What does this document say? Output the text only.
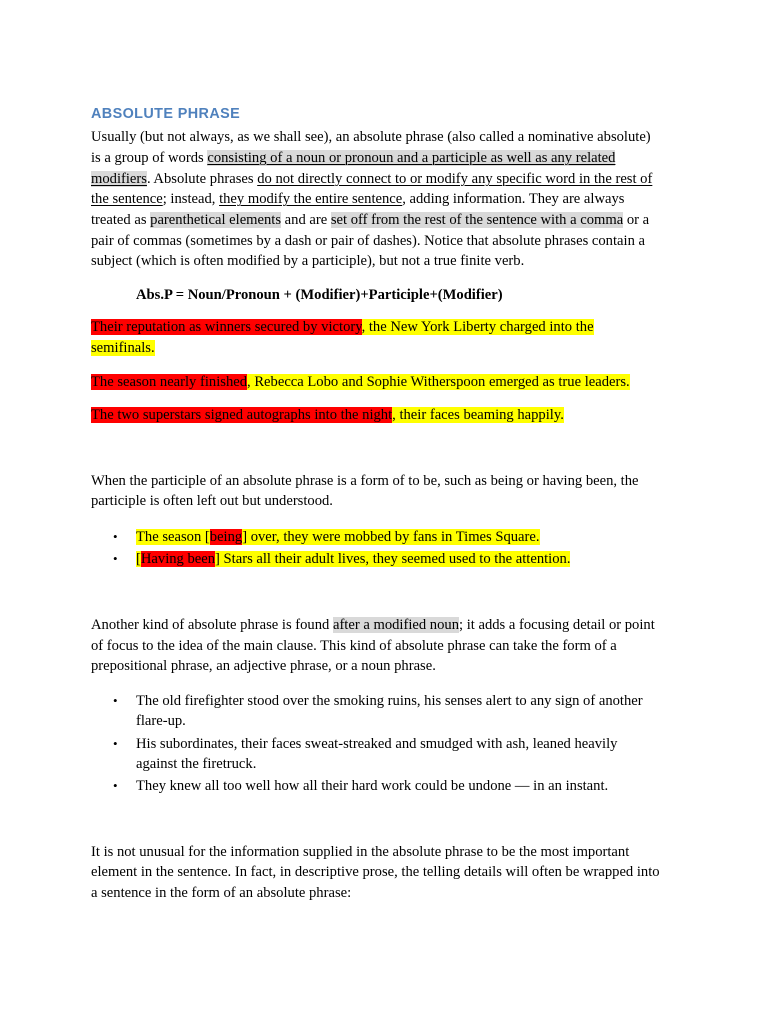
ABSOLUTE PHRASE
Usually (but not always, as we shall see), an absolute phrase (also called a nominative absolute)
is a group of words consisting of a noun or pronoun and a participle as well as any related
modifiers. Absolute phrases do not directly connect to or modify any specific word in the rest of
the sentence; instead, they modify the entire sentence, adding information. They are always
treated as parenthetical elements and are set off from the rest of the sentence with a comma or a
pair of commas (sometimes by a dash or pair of dashes). Notice that absolute phrases contain a
subject (which is often modified by a participle), but not a true finite verb.
Abs.P = Noun/Pronoun + (Modifier)+Participle+(Modifier)
Their reputation as winners secured by victory, the New York Liberty charged into the
semifinals.
The season nearly finished, Rebecca Lobo and Sophie Witherspoon emerged as true leaders.
The two superstars signed autographs into the night, their faces beaming happily.
When the participle of an absolute phrase is a form of to be, such as being or having been, the
participle is often left out but understood.
• The season [being] over, they were mobbed by fans in Times Square.
• [Having been] Stars all their adult lives, they seemed used to the attention.
Another kind of absolute phrase is found after a modified noun; it adds a focusing detail or point
of focus to the idea of the main clause. This kind of absolute phrase can take the form of a
prepositional phrase, an adjective phrase, or a noun phrase.
• The old firefighter stood over the smoking ruins, his senses alert to any sign of another
flare-up.
• His subordinates, their faces sweat-streaked and smudged with ash, leaned heavily
against the firetruck.
• They knew all too well how all their hard work could be undone — in an instant.
It is not unusual for the information supplied in the absolute phrase to be the most important
element in the sentence. In fact, in descriptive prose, the telling details will often be wrapped into
a sentence in the form of an absolute phrase:
